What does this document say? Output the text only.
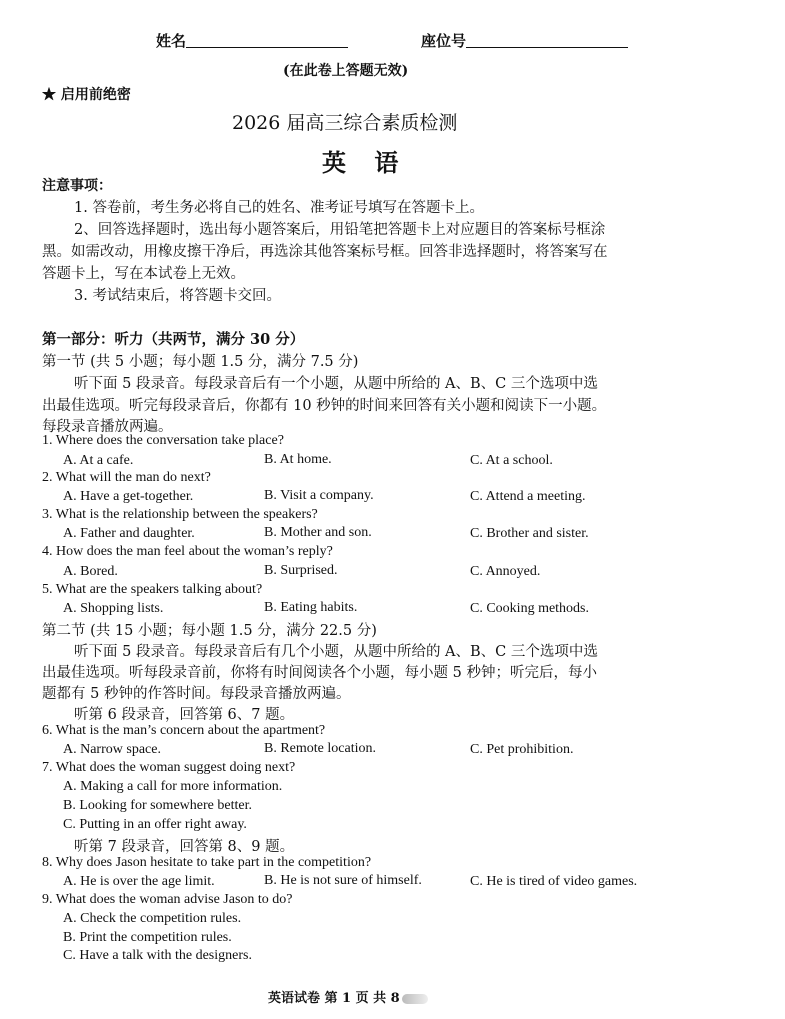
姓名	座位号
(在此卷上答题无效)
★ 启用前绝密
2026 届高三综合素质检测
英 语
注意事项：
1. 答卷前，考生务必将自己的姓名、准考证号填写在答题卡上。
2、回答选择题时，选出每小题答案后，用铅笔把答题卡上对应题目的答案标号框涂
黑。如需改动，用橡皮擦干净后，再选涂其他答案标号框。回答非选择题时，将答案写在
答题卡上，写在本试卷上无效。
3. 考试结束后，将答题卡交回。
第一部分：听力（共两节，满分 30 分）
第一节 (共 5 小题；每小题 1.5 分，满分 7.5 分)
听下面 5 段录音。每段录音后有一个小题，从题中所给的 A、B、C 三个选项中选
出最佳选项。听完每段录音后，你都有 10 秒钟的时间来回答有关小题和阅读下一小题。
每段录音播放两遍。
1. Where does the conversation take place?
A. At a cafe.	B. At home.	C. At a school.
2. What will the man do next?
A. Have a get-together.	B. Visit a company.	C. Attend a meeting.
3. What is the relationship between the speakers?
A. Father and daughter.	B. Mother and son.	C. Brother and sister.
4. How does the man feel about the woman’s reply?
A. Bored.	B. Surprised.	C. Annoyed.
5. What are the speakers talking about?
A. Shopping lists.	B. Eating habits.	C. Cooking methods.
第二节 (共 15 小题；每小题 1.5 分，满分 22.5 分)
听下面 5 段录音。每段录音后有几个小题，从题中所给的 A、B、C 三个选项中选
出最佳选项。听每段录音前，你将有时间阅读各个小题，每小题 5 秒钟；听完后，每小
题都有 5 秒钟的作答时间。每段录音播放两遍。
听第 6 段录音，回答第 6、7 题。
6. What is the man’s concern about the apartment?
A. Narrow space.	B. Remote location.	C. Pet prohibition.
7. What does the woman suggest doing next?
A. Making a call for more information.
B. Looking for somewhere better.
C. Putting in an offer right away.
听第 7 段录音，回答第 8、9 题。
8. Why does Jason hesitate to take part in the competition?
A. He is over the age limit.	B. He is not sure of himself.	C. He is tired of video games.
9. What does the woman advise Jason to do?
A. Check the competition rules.
B. Print the competition rules.
C. Have a talk with the designers.
英语试卷 第 1 页 共 8
